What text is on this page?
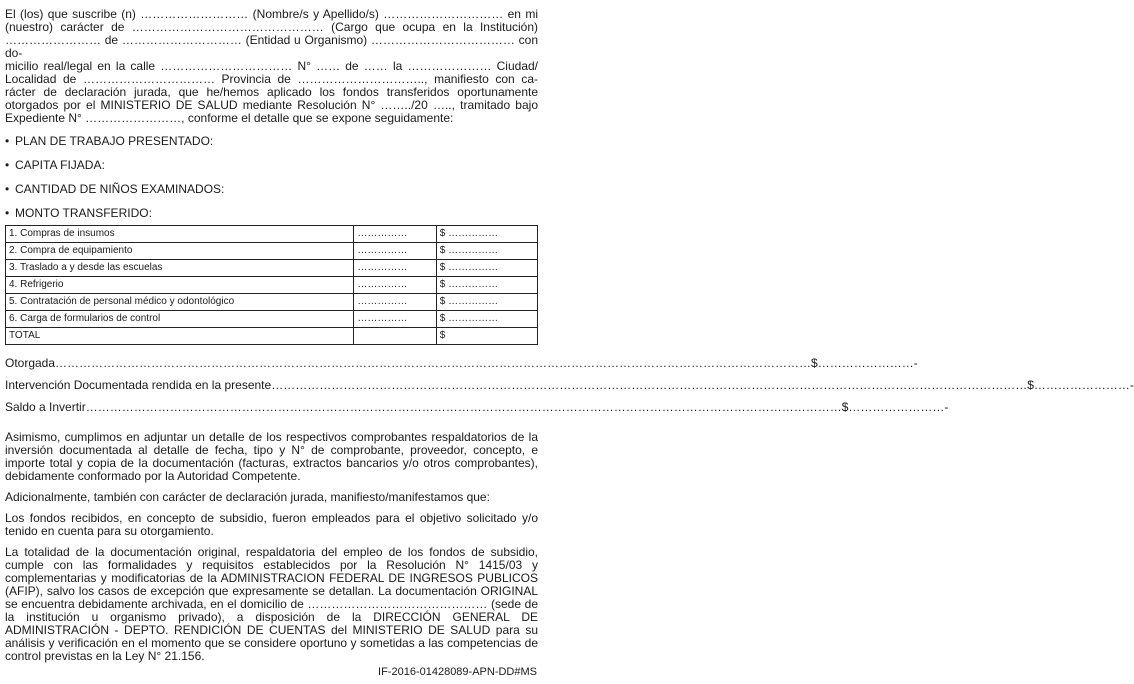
El (los) que suscribe (n) ……………………… (Nombre/s y Apellido/s) ………………………… en mi
(nuestro) carácter de ………………………………………… (Cargo que ocupa en la Institución)
…………………… de ………………………… (Entidad u Organismo) ……………………………… con do-
micilio real/legal en la calle …………………………… N° …… de …… la ………………… Ciudad/
Localidad de …………………………… Provincia de ………………………….., manifiesto con ca-
rácter de declaración jurada, que he/hemos aplicado los fondos transferidos oportunamente
otorgados por el MINISTERIO DE SALUD mediante Resolución N° ……../20 ….., tramitado bajo
Expediente N° ……………………, conforme el detalle que se expone seguidamente:
• PLAN DE TRABAJO PRESENTADO:
• CAPITA FIJADA:
• CANTIDAD DE NIÑOS EXAMINADOS:
• MONTO TRANSFERIDO:
1. Compras de insumos	……………	$ ……………
2. Compra de equipamiento	……………	$ ……………
3. Traslado a y desde las escuelas	……………	$ ……………
4. Refrigerio	……………	$ ……………
5. Contratación de personal médico y odontológico	……………	$ ……………
6. Carga de formularios de control	……………	$ ……………
TOTAL		$
Otorgada ……………………………………………………………………………………………………………………………………………………………………… $……………………-
Intervención Documentada rendida en la presente ……………………………………………………………………………………………………………………………………………………………………… $……………………-
Saldo a Invertir ……………………………………………………………………………………………………………………………………………………………………… $……………………-

Asimismo, cumplimos en adjuntar un detalle de los respectivos comprobantes respaldatorios de la inversión documentada al detalle de fecha, tipo y N° de comprobante, proveedor, concepto, e importe total y copia de la documentación (facturas, extractos bancarios y/o otros comprobantes), debidamente conformado por la Autoridad Competente.

Adicionalmente, también con carácter de declaración jurada, manifiesto/manifestamos que:

Los fondos recibidos, en concepto de subsidio, fueron empleados para el objetivo solicitado y/o tenido en cuenta para su otorgamiento.

La totalidad de la documentación original, respaldatoria del empleo de los fondos de subsidio, cumple con las formalidades y requisitos establecidos por la Resolución N° 1415/03 y complementarias y modificatorias de la ADMINISTRACION FEDERAL DE INGRESOS PUBLICOS (AFIP), salvo los casos de excepción que expresamente se detallan. La documentación ORIGINAL se encuentra debidamente archivada, en el domicilio de ……………………………………… (sede de la institución u organismo privado), a disposición de la DIRECCIÓN GENERAL DE ADMINISTRACIÓN - DEPTO. RENDICIÓN DE CUENTAS del MINISTERIO DE SALUD para su análisis y verificación en el momento que se considere oportuno y sometidas a las competencias de control previstas en la Ley N° 21.156.

IF-2016-01428089-APN-DD#MS
